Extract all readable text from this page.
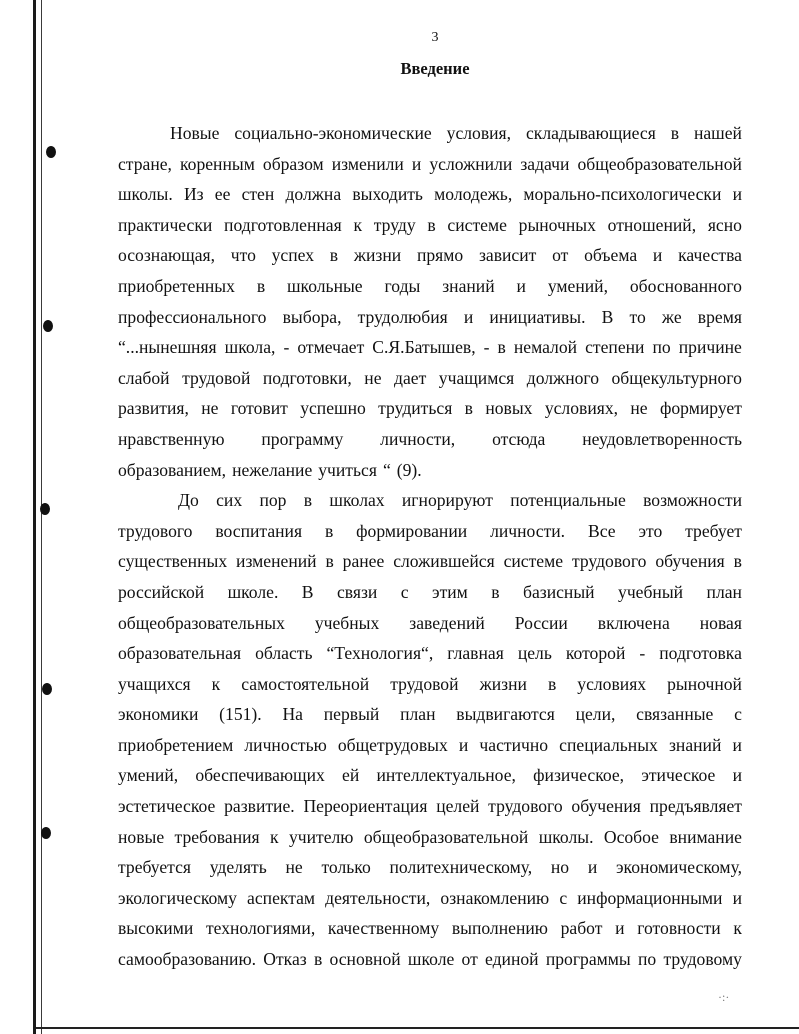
3
Введение
Новые социально-экономические условия, складывающиеся в нашей
стране, коренным образом изменили и усложнили задачи общеобразовательной
школы. Из ее стен должна выходить молодежь, морально-психологически и
практически подготовленная к труду в системе рыночных отношений, ясно
осознающая, что успех в жизни прямо зависит от объема и качества
приобретенных в школьные годы знаний и умений, обоснованного
профессионального выбора, трудолюбия и инициативы. В то же время
“...нынешняя школа, - отмечает С.Я.Батышев, - в немалой степени по причине
слабой трудовой подготовки, не дает учащимся должного общекультурного
развития, не готовит успешно трудиться в новых условиях, не формирует
нравственную программу личности, отсюда неудовлетворенность
образованием, нежелание учиться “ (9).
До сих пор в школах игнорируют потенциальные возможности
трудового воспитания в формировании личности. Все это требует
существенных изменений в ранее сложившейся системе трудового обучения в
российской школе. В связи с этим в базисный учебный план
общеобразовательных учебных заведений России включена новая
образовательная область “Технология“, главная цель которой - подготовка
учащихся к самостоятельной трудовой жизни в условиях рыночной
экономики (151). На первый план выдвигаются цели, связанные с
приобретением личностью общетрудовых и частично специальных знаний и
умений, обеспечивающих ей интеллектуальное, физическое, этическое и
эстетическое развитие. Переориентация целей трудового обучения предъявляет
новые требования к учителю общеобразовательной школы. Особое внимание
требуется уделять не только политехническому, но и экономическому,
экологическому аспектам деятельности, ознакомлению с информационными и
высокими технологиями, качественному выполнению работ и готовности к
самообразованию. Отказ в основной школе от единой программы по трудовому
·:·
